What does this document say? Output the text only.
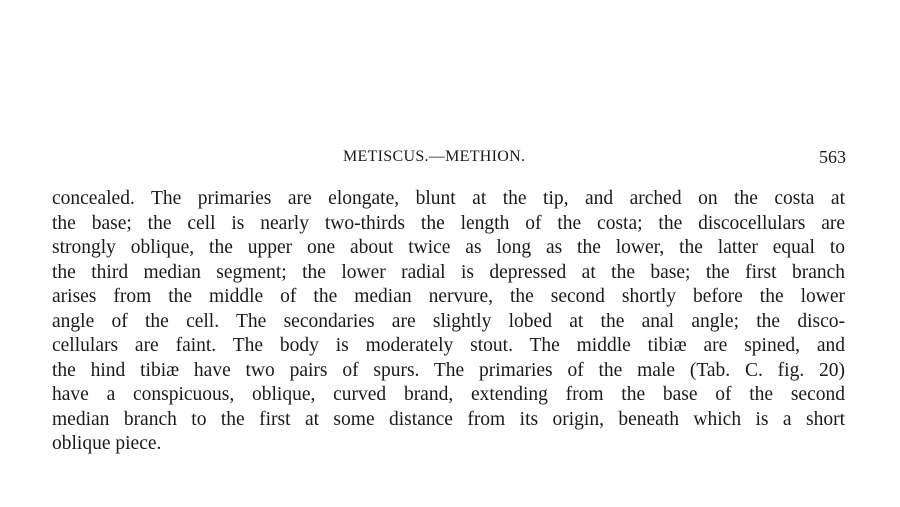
METISCUS.—METHION.	563
concealed. The primaries are elongate, blunt at the tip, and arched on the costa at
the base; the cell is nearly two-thirds the length of the costa; the discocellulars are
strongly oblique, the upper one about twice as long as the lower, the latter equal to
the third median segment; the lower radial is depressed at the base; the first branch
arises from the middle of the median nervure, the second shortly before the lower
angle of the cell. The secondaries are slightly lobed at the anal angle; the disco-
cellulars are faint. The body is moderately stout. The middle tibiæ are spined, and
the hind tibiæ have two pairs of spurs. The primaries of the male (Tab. C. fig. 20)
have a conspicuous, oblique, curved brand, extending from the base of the second
median branch to the first at some distance from its origin, beneath which is a short
oblique piece.
